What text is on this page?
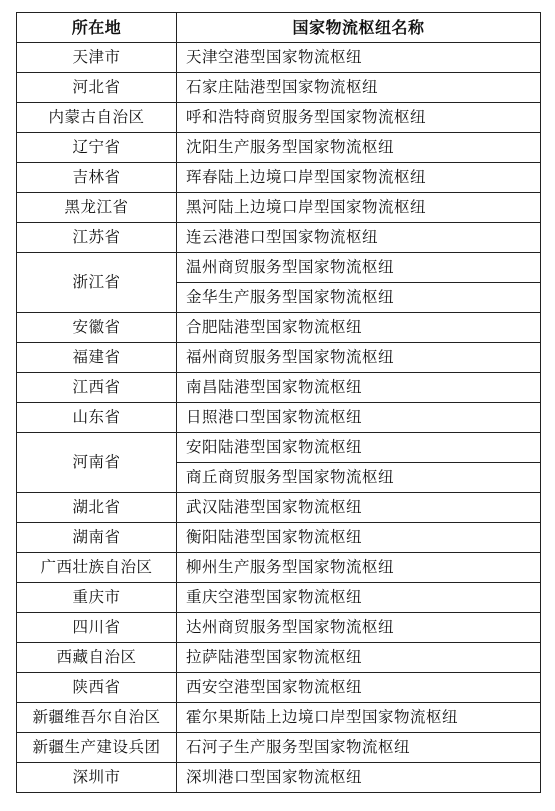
所在地	国家物流枢纽名称
天津市	天津空港型国家物流枢纽
河北省	石家庄陆港型国家物流枢纽
内蒙古自治区	呼和浩特商贸服务型国家物流枢纽
辽宁省	沈阳生产服务型国家物流枢纽
吉林省	珲春陆上边境口岸型国家物流枢纽
黑龙江省	黑河陆上边境口岸型国家物流枢纽
江苏省	连云港港口型国家物流枢纽
浙江省	温州商贸服务型国家物流枢纽
	金华生产服务型国家物流枢纽
安徽省	合肥陆港型国家物流枢纽
福建省	福州商贸服务型国家物流枢纽
江西省	南昌陆港型国家物流枢纽
山东省	日照港口型国家物流枢纽
河南省	安阳陆港型国家物流枢纽
	商丘商贸服务型国家物流枢纽
湖北省	武汉陆港型国家物流枢纽
湖南省	衡阳陆港型国家物流枢纽
广西壮族自治区	柳州生产服务型国家物流枢纽
重庆市	重庆空港型国家物流枢纽
四川省	达州商贸服务型国家物流枢纽
西藏自治区	拉萨陆港型国家物流枢纽
陕西省	西安空港型国家物流枢纽
新疆维吾尔自治区	霍尔果斯陆上边境口岸型国家物流枢纽
新疆生产建设兵团	石河子生产服务型国家物流枢纽
深圳市	深圳港口型国家物流枢纽
